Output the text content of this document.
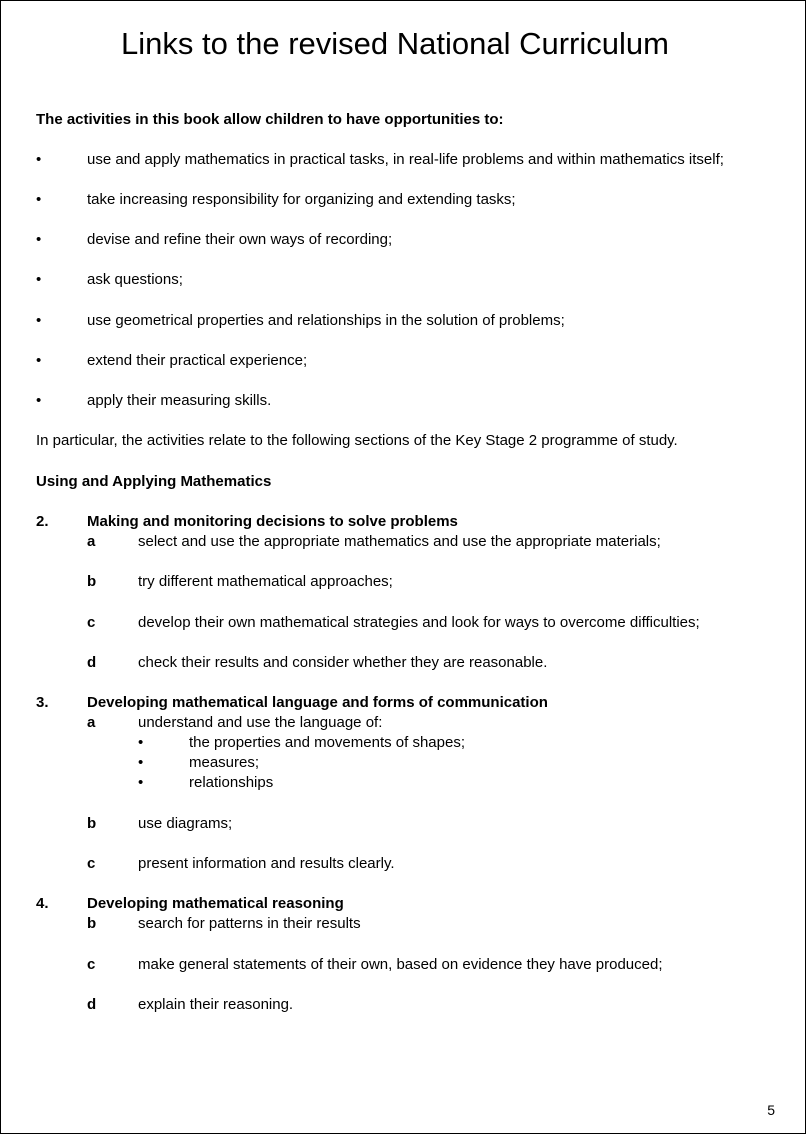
Links to the revised National Curriculum
The activities in this book allow children to have opportunities to:
•	use and apply mathematics in practical tasks, in real-life problems and within mathematics itself;
•	take increasing responsibility for organizing and extending tasks;
•	devise and refine their own ways of recording;
•	ask questions;
•	use geometrical properties and relationships in the solution of problems;
•	extend their practical experience;
•	apply their measuring skills.
In particular, the activities relate to the following sections of the Key Stage 2 programme of study.
Using and Applying Mathematics
2.	Making and monitoring decisions to solve problems
a	select and use the appropriate mathematics and use the appropriate materials;
b	try different mathematical approaches;
c	develop their own mathematical strategies and look for ways to overcome difficulties;
d	check their results and consider whether they are reasonable.
3.	Developing mathematical language and forms of communication
a	understand and use the language of:
•	the properties and movements of shapes;
•	measures;
•	relationships
b	use diagrams;
c	present information and results clearly.
4.	Developing mathematical reasoning
b	search for patterns in their results
c	make general statements of their own, based on evidence they have produced;
d	explain their reasoning.
5
